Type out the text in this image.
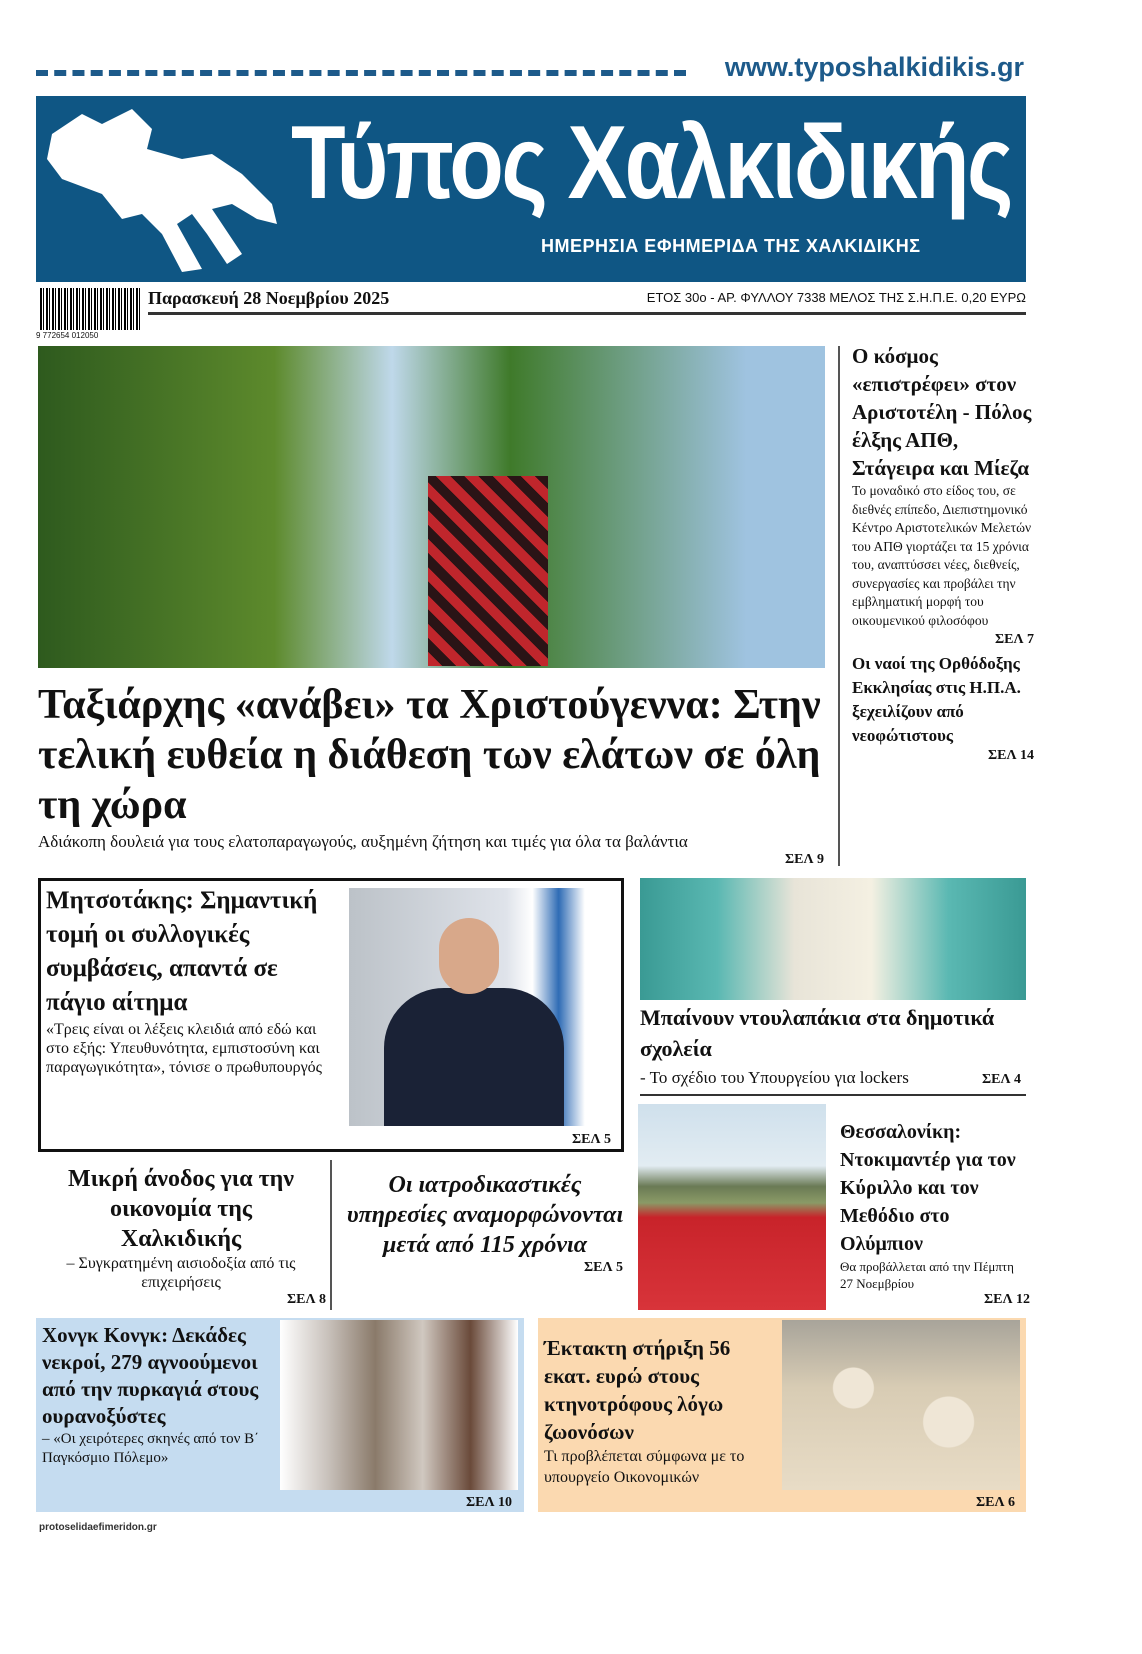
www.typoshalkidikis.gr
Τύπος Χαλκιδικής
ΗΜΕΡΗΣΙΑ ΕΦΗΜΕΡΙΔΑ ΤΗΣ ΧΑΛΚΙΔΙΚΗΣ
9 772654 012050
Παρασκευή 28 Νοεμβρίου 2025	ΕΤΟΣ 30ο - ΑΡ. ΦΥΛΛΟΥ 7338 ΜΕΛΟΣ ΤΗΣ Σ.Η.Π.Ε. 0,20 ΕΥΡΩ
Ταξιάρχης «ανάβει» τα Χριστούγεννα: Στην τελική ευθεία η διάθεση των ελάτων σε όλη τη χώρα
Αδιάκοπη δουλειά για τους ελατοπαραγωγούς, αυξημένη ζήτηση και τιμές για όλα τα βαλάντια
ΣΕΛ 9
Ο κόσμος «επιστρέφει» στον Αριστοτέλη - Πόλος έλξης ΑΠΘ, Στάγειρα και Μίεζα
Το μοναδικό στο είδος του, σε διεθνές επίπεδο, Διεπιστημονικό Κέντρο Αριστοτελικών Μελετών του ΑΠΘ γιορτάζει τα 15 χρόνια του, αναπτύσσει νέες, διεθνείς, συνεργασίες και προβάλει την εμβληματική μορφή του οικουμενικού φιλοσόφου
ΣΕΛ 7
Οι ναοί της Ορθόδοξης Εκκλησίας στις Η.Π.Α. ξεχειλίζουν από νεοφώτιστους
ΣΕΛ 14
Μητσοτάκης: Σημαντική τομή οι συλλογικές συμβάσεις, απαντά σε πάγιο αίτημα
«Τρεις είναι οι λέξεις κλειδιά από εδώ και στο εξής: Υπευθυνότητα, εμπιστοσύνη και παραγωγικότητα», τόνισε ο πρωθυπουργός
ΣΕΛ 5
Μπαίνουν ντουλαπάκια στα δημοτικά σχολεία
- Το σχέδιο του Υπουργείου για lockers	ΣΕΛ 4
Μικρή άνοδος για την οικονομία της Χαλκιδικής
– Συγκρατημένη αισιοδοξία από τις επιχειρήσεις
ΣΕΛ 8
Οι ιατροδικαστικές υπηρεσίες αναμορφώνονται μετά από 115 χρόνια
ΣΕΛ 5
Θεσσαλονίκη: Ντοκιμαντέρ για τον Κύριλλο και τον Μεθόδιο στο Ολύμπιον
Θα προβάλλεται από την Πέμπτη 27 Νοεμβρίου
ΣΕΛ 12
Χονγκ Κονγκ: Δεκάδες νεκροί, 279 αγνοούμενοι από την πυρκαγιά στους ουρανοξύστες
– «Οι χειρότερες σκηνές από τον Β΄ Παγκόσμιο Πόλεμο»
ΣΕΛ 10
protoselidaefimeridon.gr
Έκτακτη στήριξη 56 εκατ. ευρώ στους κτηνοτρόφους λόγω ζωονόσων
Τι προβλέπεται σύμφωνα με το υπουργείο Οικονομικών
ΣΕΛ 6
